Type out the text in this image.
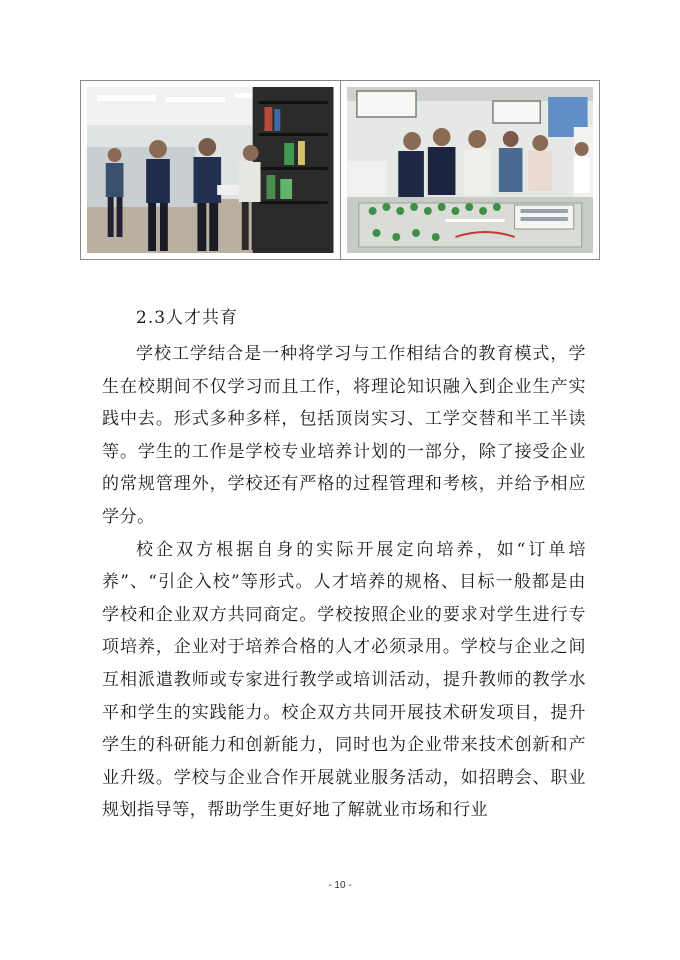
2.3人才共育

学校工学结合是一种将学习与工作相结合的教育模式，学生在校期间不仅学习而且工作，将理论知识融入到企业生产实践中去。形式多种多样，包括顶岗实习、工学交替和半工半读等。学生的工作是学校专业培养计划的一部分，除了接受企业的常规管理外，学校还有严格的过程管理和考核，并给予相应学分。

校企双方根据自身的实际开展定向培养，如“订单培养”、“引企入校”等形式。人才培养的规格、目标一般都是由学校和企业双方共同商定。学校按照企业的要求对学生进行专项培养，企业对于培养合格的人才必须录用。学校与企业之间互相派遣教师或专家进行教学或培训活动，提升教师的教学水平和学生的实践能力。校企双方共同开展技术研发项目，提升学生的科研能力和创新能力，同时也为企业带来技术创新和产业升级。学校与企业合作开展就业服务活动，如招聘会、职业规划指导等，帮助学生更好地了解就业市场和行业

- 10 -
